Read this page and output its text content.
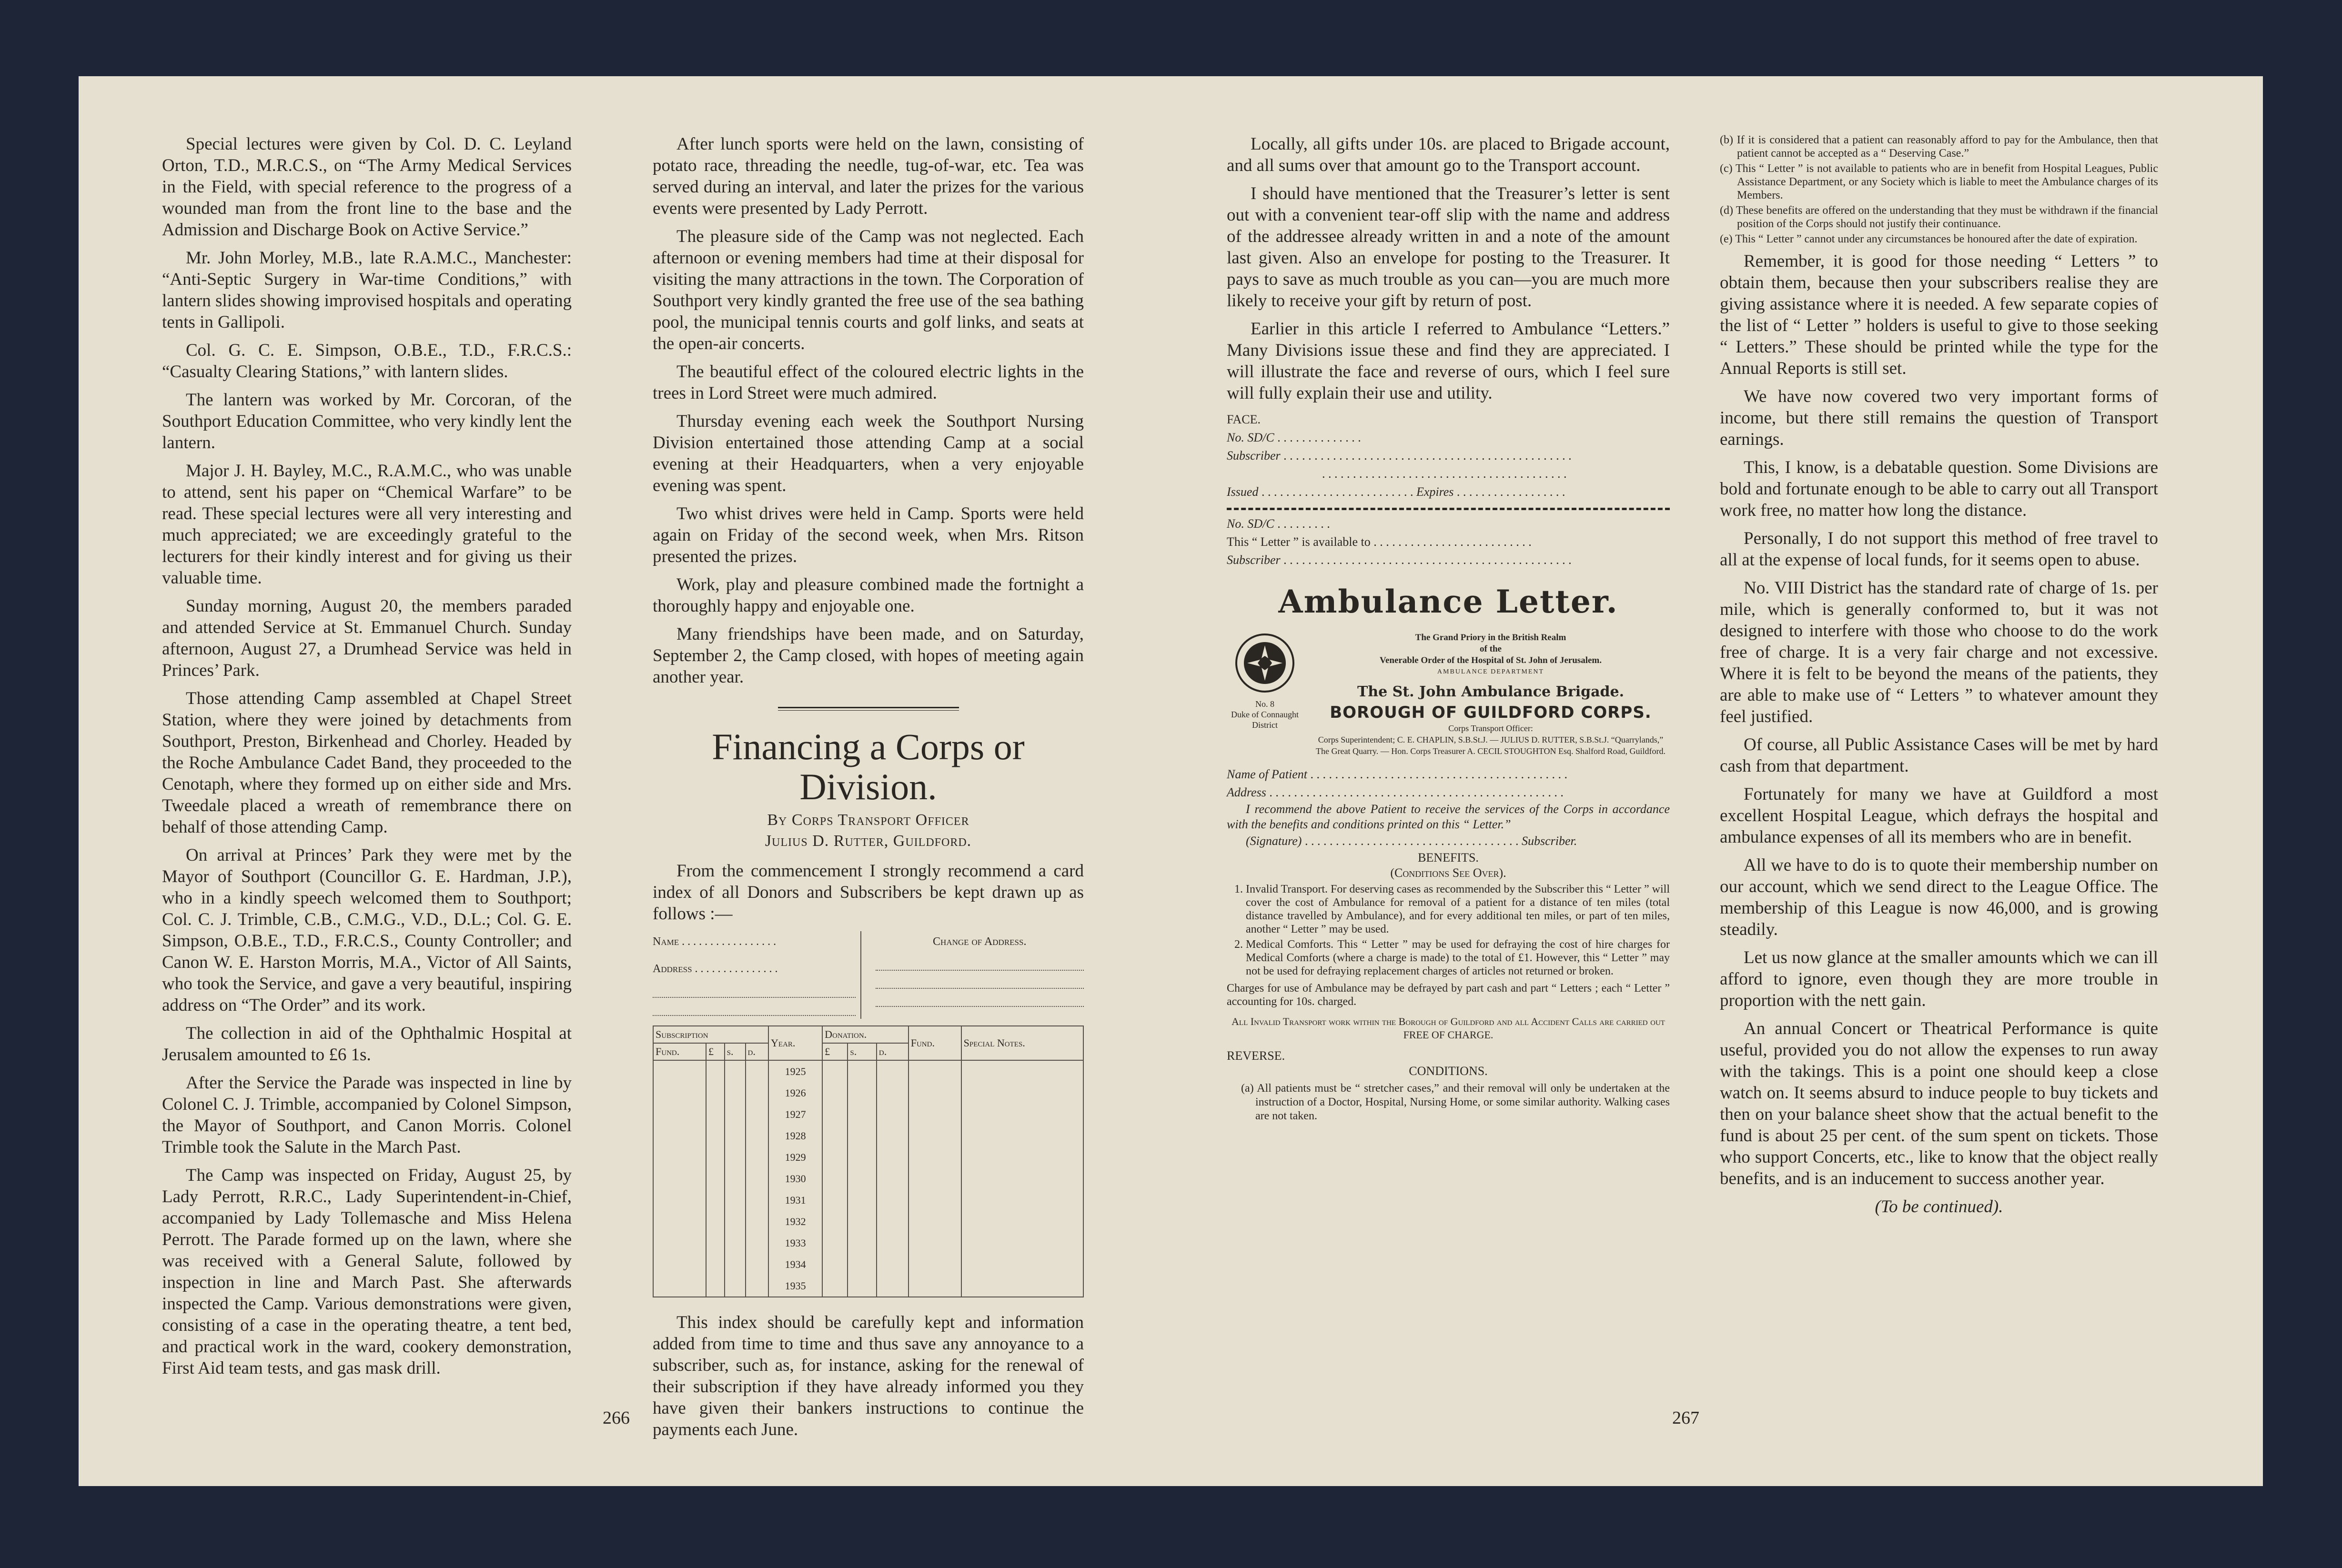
Special lectures were given by Col. D. C. Leyland Orton, T.D., M.R.C.S., on “The Army Medical Services in the Field, with special reference to the progress of a wounded man from the front line to the base and the Admission and Discharge Book on Active Service.”

Mr. John Morley, M.B., late R.A.M.C., Manchester: “Anti-Septic Surgery in War-time Conditions,” with lantern slides showing improvised hospitals and operating tents in Gallipoli.

Col. G. C. E. Simpson, O.B.E., T.D., F.R.C.S.: “Casualty Clearing Stations,” with lantern slides.

The lantern was worked by Mr. Corcoran, of the Southport Education Committee, who very kindly lent the lantern.

Major J. H. Bayley, M.C., R.A.M.C., who was unable to attend, sent his paper on “Chemical Warfare” to be read. These special lectures were all very interesting and much appreciated; we are exceedingly grateful to the lecturers for their kindly interest and for giving us their valuable time.

Sunday morning, August 20, the members paraded and attended Service at St. Emmanuel Church. Sunday afternoon, August 27, a Drumhead Service was held in Princes’ Park.

Those attending Camp assembled at Chapel Street Station, where they were joined by detachments from Southport, Preston, Birkenhead and Chorley. Headed by the Roche Ambulance Cadet Band, they proceeded to the Cenotaph, where they formed up on either side and Mrs. Tweedale placed a wreath of remembrance there on behalf of those attending Camp.

On arrival at Princes’ Park they were met by the Mayor of Southport (Councillor G. E. Hardman, J.P.), who in a kindly speech welcomed them to Southport; Col. C. J. Trimble, C.B., C.M.G., V.D., D.L.; Col. G. E. Simpson, O.B.E., T.D., F.R.C.S., County Controller; and Canon W. E. Harston Morris, M.A., Victor of All Saints, who took the Service, and gave a very beautiful, inspiring address on “The Order” and its work.

The collection in aid of the Ophthalmic Hospital at Jerusalem amounted to £6 1s.

After the Service the Parade was inspected in line by Colonel C. J. Trimble, accompanied by Colonel Simpson, the Mayor of Southport, and Canon Morris. Colonel Trimble took the Salute in the March Past.

The Camp was inspected on Friday, August 25, by Lady Perrott, R.R.C., Lady Superintendent-in-Chief, accompanied by Lady Tollemasche and Miss Helena Perrott. The Parade formed up on the lawn, where she was received with a General Salute, followed by inspection in line and March Past. She afterwards inspected the Camp. Various demonstrations were given, consisting of a case in the operating theatre, a tent bed, and practical work in the ward, cookery demonstration, First Aid team tests, and gas mask drill.

After lunch sports were held on the lawn, consisting of potato race, threading the needle, tug-of-war, etc. Tea was served during an interval, and later the prizes for the various events were presented by Lady Perrott.

The pleasure side of the Camp was not neglected. Each afternoon or evening members had time at their disposal for visiting the many attractions in the town. The Corporation of Southport very kindly granted the free use of the sea bathing pool, the municipal tennis courts and golf links, and seats at the open-air concerts.

The beautiful effect of the coloured electric lights in the trees in Lord Street were much admired.

Thursday evening each week the Southport Nursing Division entertained those attending Camp at a social evening at their Headquarters, when a very enjoyable evening was spent.

Two whist drives were held in Camp. Sports were held again on Friday of the second week, when Mrs. Ritson presented the prizes.

Work, play and pleasure combined made the fortnight a thoroughly happy and enjoyable one.

Many friendships have been made, and on Saturday, September 2, the Camp closed, with hopes of meeting again another year.

Financing a Corps or Division.
By Corps Transport Officer
Julius D. Rutter, Guildford.

From the commencement I strongly recommend a card index of all Donors and Subscribers be kept drawn up as follows :—

Name . . . . . . . . . . . . . . . . .
Address . . . . . . . . . . . . . . .
Change of Address.
Subscription				Year.	Donation.			Fund.	Special Notes.
Fund.	£	s.	d.		£	s.	d.		
				1925					
				1926					
				1927					
				1928					
				1929					
				1930					
				1931					
				1932					
				1933					
				1934					
				1935					

This index should be carefully kept and information added from time to time and thus save any annoyance to a subscriber, such as, for instance, asking for the renewal of their subscription if they have already informed you they have given their bankers instructions to continue the payments each June.

266

Locally, all gifts under 10s. are placed to Brigade account, and all sums over that amount go to the Transport account.

I should have mentioned that the Treasurer’s letter is sent out with a convenient tear-off slip with the name and address of the addressee already written in and a note of the amount last given. Also an envelope for posting to the Treasurer. It pays to save as much trouble as you can—you are much more likely to receive your gift by return of post.

Earlier in this article I referred to Ambulance “Letters.” Many Divisions issue these and find they are appreciated. I will illustrate the face and reverse of ours, which I feel sure will fully explain their use and utility.

FACE.
No. SD/C . . . . . . . . . . . . . .
Subscriber . . . . . . . . . . . . . . . . . . . . . . . . . . . . . . . . . . . . . . . . . . . . . . .
. . . . . . . . . . . . . . . . . . . . . . . . . . . . . . . . . . . . . . . .
Issued . . . . . . . . . . . . . . . . . . . . . . . . . Expires . . . . . . . . . . . . . . . . . .
No. SD/C . . . . . . . . .
This “ Letter ” is available to . . . . . . . . . . . . . . . . . . . . . . . . . .
Subscriber . . . . . . . . . . . . . . . . . . . . . . . . . . . . . . . . . . . . . . . . . . . . . . .
Ambulance Letter.
No. 8
Duke of Connaught District
The Grand Priory in the British Realm
of the
Venerable Order of the Hospital of St. John of Jerusalem.
AMBULANCE DEPARTMENT
The St. John Ambulance Brigade.
BOROUGH OF GUILDFORD CORPS.
Corps Transport Officer:
Corps Superintendent; C. E. CHAPLIN, S.B.St.J. — JULIUS D. RUTTER, S.B.St.J. “Quarrylands,” The Great Quarry. — Hon. Corps Treasurer A. CECIL STOUGHTON Esq. Shalford Road, Guildford.
Name of Patient . . . . . . . . . . . . . . . . . . . . . . . . . . . . . . . . . . . . . . . . . .
Address . . . . . . . . . . . . . . . . . . . . . . . . . . . . . . . . . . . . . . . . . . . . . . . .
I recommend the above Patient to receive the services of the Corps in accordance with the benefits and conditions printed on this “ Letter.”
(Signature) . . . . . . . . . . . . . . . . . . . . . . . . . . . . . . . . . . . Subscriber.
BENEFITS.
(Conditions See Over).
1. Invalid Transport. For deserving cases as recommended by the Subscriber this “ Letter ” will cover the cost of Ambulance for removal of a patient for a distance of ten miles (total distance travelled by Ambulance), and for every additional ten miles, or part of ten miles, another “ Letter ” may be used.
2. Medical Comforts. This “ Letter ” may be used for defraying the cost of hire charges for Medical Comforts (where a charge is made) to the total of £1. However, this “ Letter ” may not be used for defraying replacement charges of articles not returned or broken.
Charges for use of Ambulance may be defrayed by part cash and part “ Letters ; each “ Letter ” accounting for 10s. charged.
All Invalid Transport work within the Borough of Guildford and all Accident Calls are carried out FREE OF CHARGE.
REVERSE.
CONDITIONS.
(a) All patients must be “ stretcher cases,” and their removal will only be undertaken at the instruction of a Doctor, Hospital, Nursing Home, or some similar authority. Walking cases are not taken.
(b) If it is considered that a patient can reasonably afford to pay for the Ambulance, then that patient cannot be accepted as a “ Deserving Case.”
(c) This “ Letter ” is not available to patients who are in benefit from Hospital Leagues, Public Assistance Department, or any Society which is liable to meet the Ambulance charges of its Members.
(d) These benefits are offered on the understanding that they must be withdrawn if the financial position of the Corps should not justify their continuance.
(e) This “ Letter ” cannot under any circumstances be honoured after the date of expiration.

Remember, it is good for those needing “ Letters ” to obtain them, because then your subscribers realise they are giving assistance where it is needed. A few separate copies of the list of “ Letter ” holders is useful to give to those seeking “ Letters.” These should be printed while the type for the Annual Reports is still set.

We have now covered two very important forms of income, but there still remains the question of Transport earnings.

This, I know, is a debatable question. Some Divisions are bold and fortunate enough to be able to carry out all Transport work free, no matter how long the distance.

Personally, I do not support this method of free travel to all at the expense of local funds, for it seems open to abuse.

No. VIII District has the standard rate of charge of 1s. per mile, which is generally conformed to, but it was not designed to interfere with those who choose to do the work free of charge. It is a very fair charge and not excessive. Where it is felt to be beyond the means of the patients, they are able to make use of “ Letters ” to whatever amount they feel justified.

Of course, all Public Assistance Cases will be met by hard cash from that department.

Fortunately for many we have at Guildford a most excellent Hospital League, which defrays the hospital and ambulance expenses of all its members who are in benefit.

All we have to do is to quote their membership number on our account, which we send direct to the League Office. The membership of this League is now 46,000, and is growing steadily.

Let us now glance at the smaller amounts which we can ill afford to ignore, even though they are more trouble in proportion with the nett gain.

An annual Concert or Theatrical Performance is quite useful, provided you do not allow the expenses to run away with the takings. This is a point one should keep a close watch on. It seems absurd to induce people to buy tickets and then on your balance sheet show that the actual benefit to the fund is about 25 per cent. of the sum spent on tickets. Those who support Concerts, etc., like to know that the object really benefits, and is an inducement to success another year.

(To be continued).
267
